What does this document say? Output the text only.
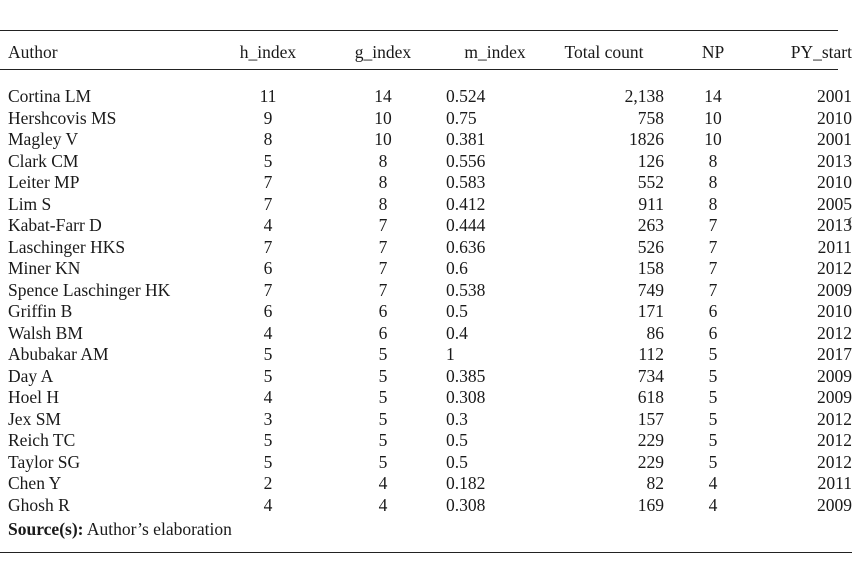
Author	h_index	g_index	m_index	Total count	NP	PY_start
Cortina LM	11	14	0.524	2,138	14	2001
Hershcovis MS	9	10	0.75	758	10	2010
Magley V	8	10	0.381	1826	10	2001
Clark CM	5	8	0.556	126	8	2013
Leiter MP	7	8	0.583	552	8	2010
Lim S	7	8	0.412	911	8	2005
Kabat-Farr D	4	7	0.444	263	7	2013
Laschinger HKS	7	7	0.636	526	7	2011
Miner KN	6	7	0.6	158	7	2012
Spence Laschinger HK	7	7	0.538	749	7	2009
Griffin B	6	6	0.5	171	6	2010
Walsh BM	4	6	0.4	86	6	2012
Abubakar AM	5	5	1	112	5	2017
Day A	5	5	0.385	734	5	2009
Hoel H	4	5	0.308	618	5	2009
Jex SM	3	5	0.3	157	5	2012
Reich TC	5	5	0.5	229	5	2012
Taylor SG	5	5	0.5	229	5	2012
Chen Y	2	4	0.182	82	4	2011
Ghosh R	4	4	0.308	169	4	2009
Source(s): Author’s elaboration
